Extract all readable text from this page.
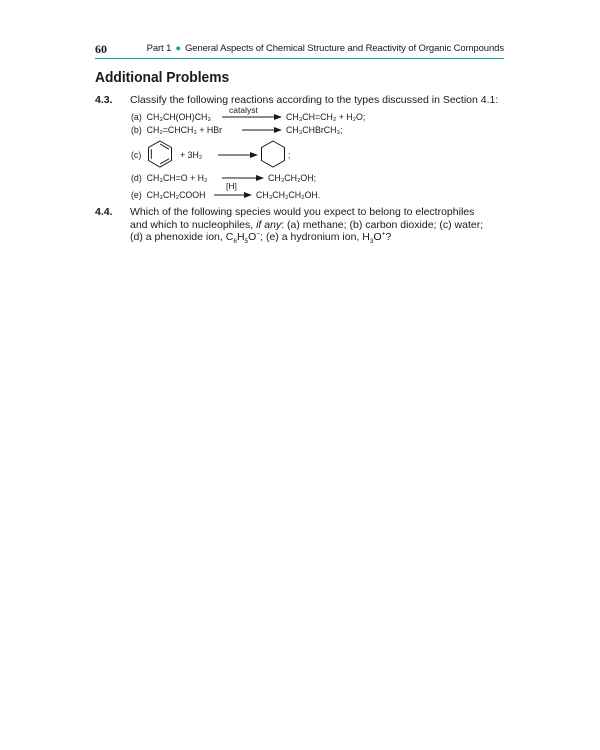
60	Part 1 ● General Aspects of Chemical Structure and Reactivity of Organic Compounds
Additional Problems
4.3. Classify the following reactions according to the types discussed in Section 4.1:
(a) CH₃CH(OH)CH₃
catalyst
→ CH₃CH=CH₂ + H₂O;
(b) CH₂=CHCH₃ + HBr → CH₃CHBrCH₃;
(c)	+ 3H₂ →	;
(d) CH₃CH=O + H₂ → CH₃CH₂OH;
[H]
(e) CH₃CH₂COOH → CH₃CH₂CH₂OH.
4.4. Which of the following species would you expect to belong to electrophiles
and which to nucleophiles, if any: (a) methane; (b) carbon dioxide; (c) water;
(d) a phenoxide ion, $C_6H_5O^-$; (e) a hydronium ion, $H_3O^+$?
